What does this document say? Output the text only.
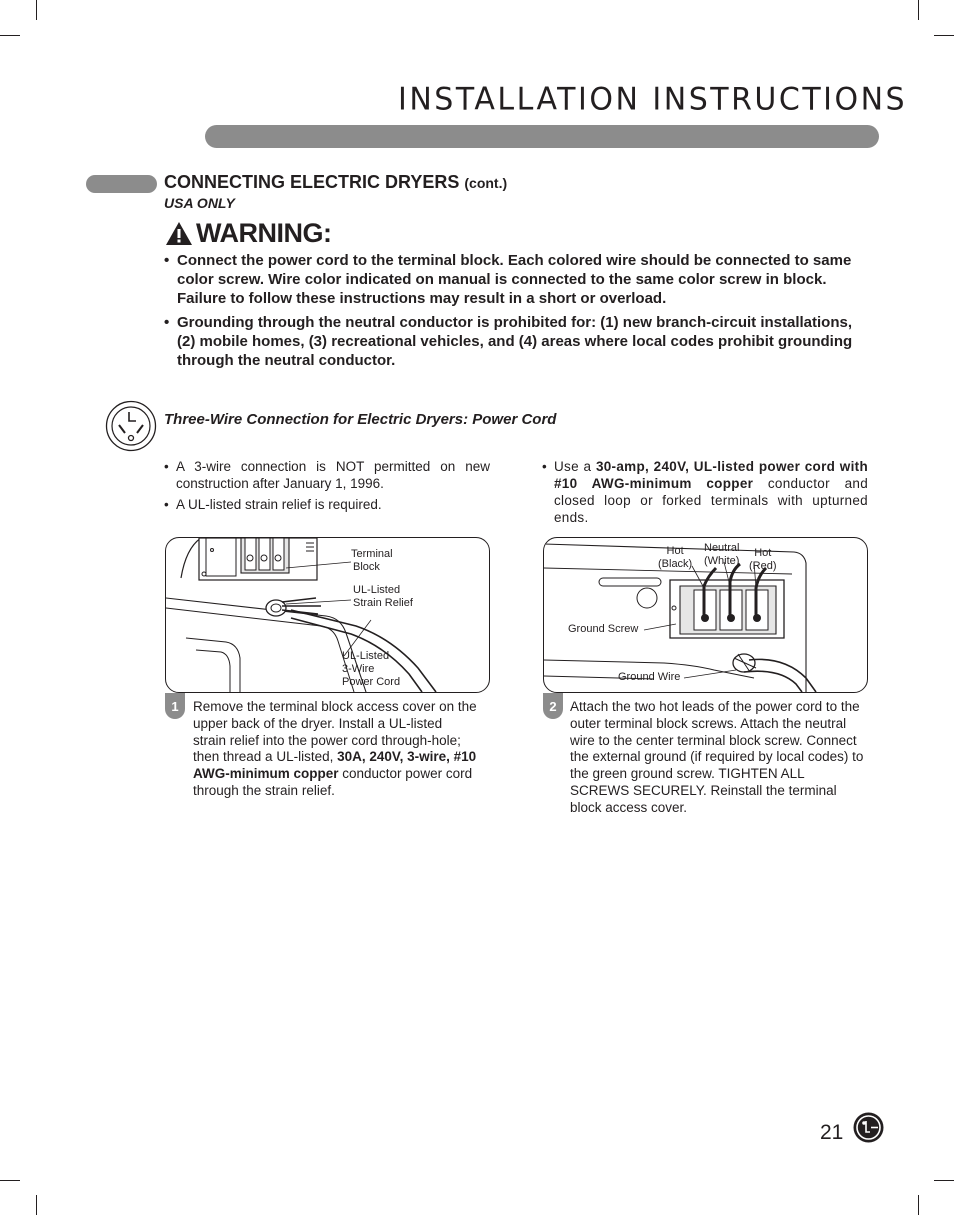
INSTALLATION INSTRUCTIONS
CONNECTING ELECTRIC DRYERS (cont.)
USA ONLY
WARNING:
• Connect the power cord to the terminal block. Each colored wire should be connected to same color screw. Wire color indicated on manual is connected to the same color screw in block. Failure to follow these instructions may result in a short or overload.
• Grounding through the neutral conductor is prohibited for: (1) new branch-circuit installations, (2) mobile homes, (3) recreational vehicles, and (4) areas where local codes prohibit grounding through the neutral conductor.
Three-Wire Connection for Electric Dryers: Power Cord
• A 3-wire connection is NOT permitted on new construction after January 1, 1996.
• A UL-listed strain relief is required.
• Use a 30-amp, 240V, UL-listed power cord with #10 AWG-minimum copper conductor and closed loop or forked terminals with upturned ends.
Terminal
Block
UL-Listed
Strain Relief
UL-Listed
3-Wire
Power Cord
Hot
(Black)
Neutral
(White)
Hot
(Red)
Ground Screw
Ground Wire
1	Remove the terminal block access cover on the upper back of the dryer. Install a UL-listed strain relief into the power cord through-hole; then thread a UL-listed, 30A, 240V, 3-wire, #10 AWG-minimum copper conductor power cord through the strain relief.
2 Attach the two hot leads of the power cord to the outer terminal block screws. Attach the neutral wire to the center terminal block screw. Connect the external ground (if required by local codes) to the green ground screw. TIGHTEN ALL SCREWS SECURELY. Reinstall the terminal block access cover.
21
